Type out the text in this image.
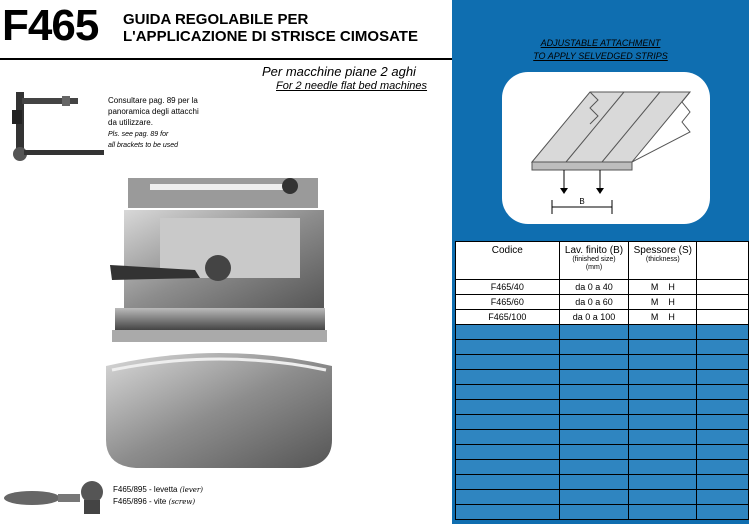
F465 GUIDA REGOLABILE PER
L'APPLICAZIONE DI STRISCE CIMOSATE
Per macchine piane 2 aghi
For 2 needle flat bed machines
Consultare pag. 89 per la
panoramica degli attacchi
da utilizzare.
Pls. see pag. 89 for
all brackets to be used
F465/895 - levetta (lever)
F465/896 - vite (screw)
ADJUSTABLE ATTACHMENT
TO APPLY SELVEDGED STRIPS
B
Codice	Lav. finito (B)
(finished size)
(mm)	Spessore (S)
(thickness)	

F465/40	da 0 a 40	M H	
F465/60	da 0 a 60	M H	
F465/100	da 0 a 100	M H	
